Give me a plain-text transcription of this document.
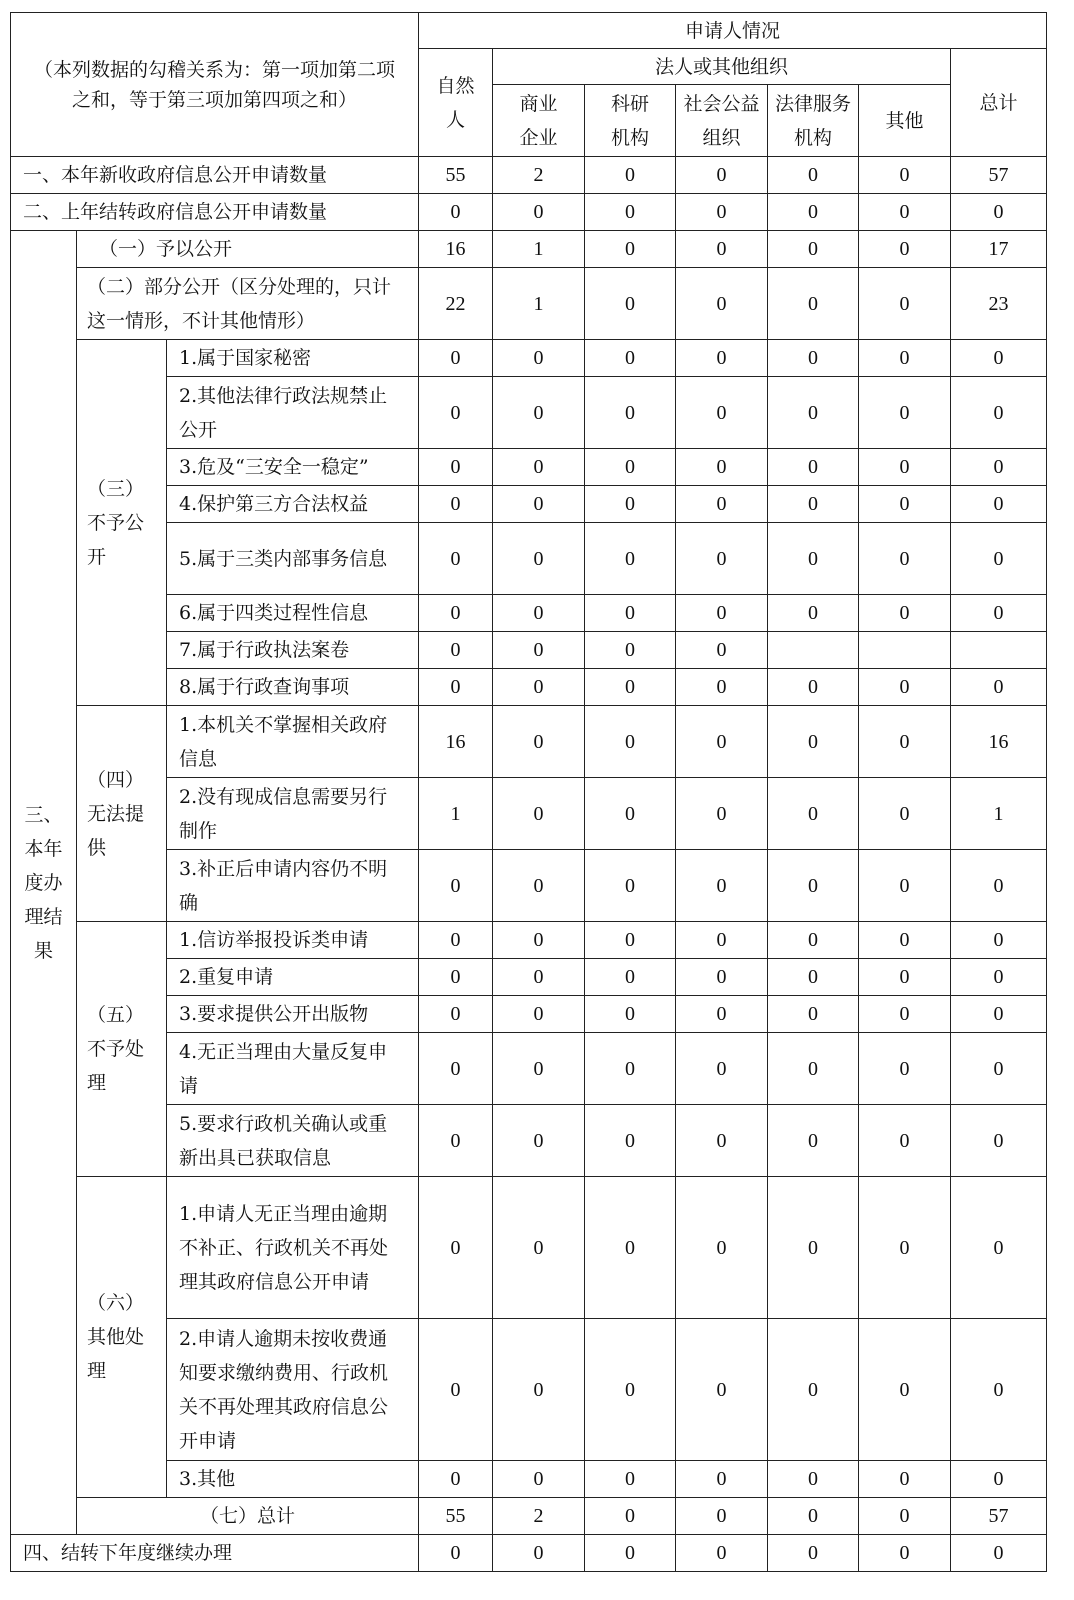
（本列数据的勾稽关系为：第一项加第二项之和，等于第三项加第四项之和）			申请人情况						
			自然人	法人或其他组织					总计
				商业企业	科研机构	社会公益组织	法律服务机构	其他	

一、本年新收政府信息公开申请数量			55	2	0	0	0	0	57
二、上年结转政府信息公开申请数量			0	0	0	0	0	0	0
三、本年度办理结果	（一）予以公开		16	1	0	0	0	0	17
	（二）部分公开（区分处理的，只计这一情形，不计其他情形）		22	1	0	0	0	0	23
	（三）不予公开	1.属于国家秘密	0	0	0	0	0	0	0
		2.其他法律行政法规禁止公开	0	0	0	0	0	0	0
		3.危及“三安全一稳定”	0	0	0	0	0	0	0
		4.保护第三方合法权益	0	0	0	0	0	0	0
		5.属于三类内部事务信息	0	0	0	0	0	0	0
		6.属于四类过程性信息	0	0	0	0	0	0	0
		7.属于行政执法案卷	0	0	0	0			
		8.属于行政查询事项	0	0	0	0	0	0	0
	（四）无法提供	1.本机关不掌握相关政府信息	16	0	0	0	0	0	16
		2.没有现成信息需要另行制作	1	0	0	0	0	0	1
		3.补正后申请内容仍不明确	0	0	0	0	0	0	0
	（五）不予处理	1.信访举报投诉类申请	0	0	0	0	0	0	0
		2.重复申请	0	0	0	0	0	0	0
		3.要求提供公开出版物	0	0	0	0	0	0	0
		4.无正当理由大量反复申请	0	0	0	0	0	0	0
		5.要求行政机关确认或重新出具已获取信息	0	0	0	0	0	0	0
	（六）其他处理	1.申请人无正当理由逾期不补正、行政机关不再处理其政府信息公开申请	0	0	0	0	0	0	0
		2.申请人逾期未按收费通知要求缴纳费用、行政机关不再处理其政府信息公开申请	0	0	0	0	0	0	0
		3.其他	0	0	0	0	0	0	0
	（七）总计		55	2	0	0	0	0	57
四、结转下年度继续办理			0	0	0	0	0	0	0
